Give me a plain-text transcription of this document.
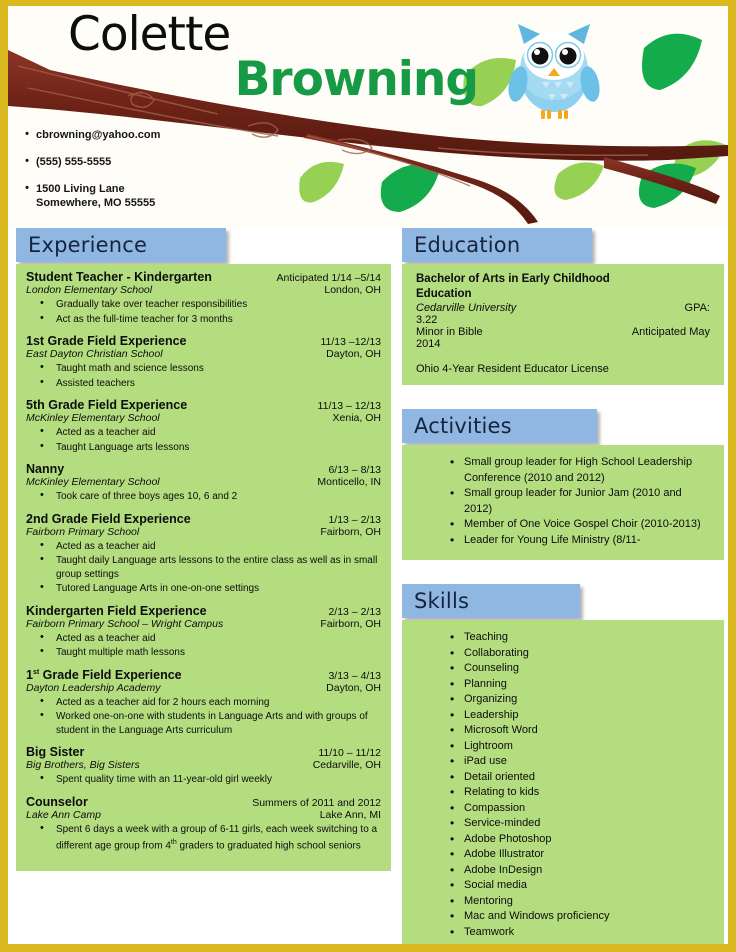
Colette
Browning
• cbrowning@yahoo.com
• (555) 555-5555
• 1500 Living Lane
Somewhere, MO 55555
Experience
Student Teacher - Kindergarten	Anticipated 1/14 –5/14
London Elementary School	London, OH
• Gradually take over teacher responsibilities
• Act as the full-time teacher for 3 months
1st Grade Field Experience	11/13 –12/13
East Dayton Christian School	Dayton, OH
• Taught math and science lessons
• Assisted teachers
5th Grade Field Experience	11/13 – 12/13
McKinley Elementary School	Xenia, OH
• Acted as a teacher aid
• Taught Language arts lessons
Nanny	6/13 – 8/13
McKinley Elementary School	Monticello, IN
• Took care of three boys ages 10, 6 and 2
2nd Grade Field Experience	1/13 – 2/13
Fairborn Primary School	Fairborn, OH
• Acted as a teacher aid
• Taught daily Language arts lessons to the entire class as well as in small group settings
• Tutored Language Arts in one-on-one settings
Kindergarten Field Experience	2/13 – 2/13
Fairborn Primary School – Wright Campus	Fairborn, OH
• Acted as a teacher aid
• Taught multiple math lessons
1st Grade Field Experience	3/13 – 4/13
Dayton Leadership Academy	Dayton, OH
• Acted as a teacher aid for 2 hours each morning
• Worked one-on-one with students in Language Arts and with groups of student in the Language Arts curriculum
Big Sister	11/10 – 11/12
Big Brothers, Big Sisters	Cedarville, OH
• Spent quality time with an 11-year-old girl weekly
Counselor	Summers of 2011 and 2012
Lake Ann Camp	Lake Ann, MI
• Spent 6 days a week with a group of 6-11 girls, each week switching to a different age group from 4th graders to graduated high school seniors
Education
Bachelor of Arts in Early Childhood Education
Cedarville University	GPA:
3.22
Minor in Bible	Anticipated May
2014
Ohio 4-Year Resident Educator License
Activities
• Small group leader for High School Leadership Conference (2010 and 2012)
• Small group leader for Junior Jam (2010 and 2012)
• Member of One Voice Gospel Choir (2010-2013)
• Leader for Young Life Ministry (8/11-
Skills
• Teaching
• Collaborating
• Counseling
• Planning
• Organizing
• Leadership
• Microsoft Word
• Lightroom
• iPad use
• Detail oriented
• Relating to kids
• Compassion
• Service-minded
• Adobe Photoshop
• Adobe Illustrator
• Adobe InDesign
• Social media
• Mentoring
• Mac and Windows proficiency
• Teamwork
www.thetemplatemonster
